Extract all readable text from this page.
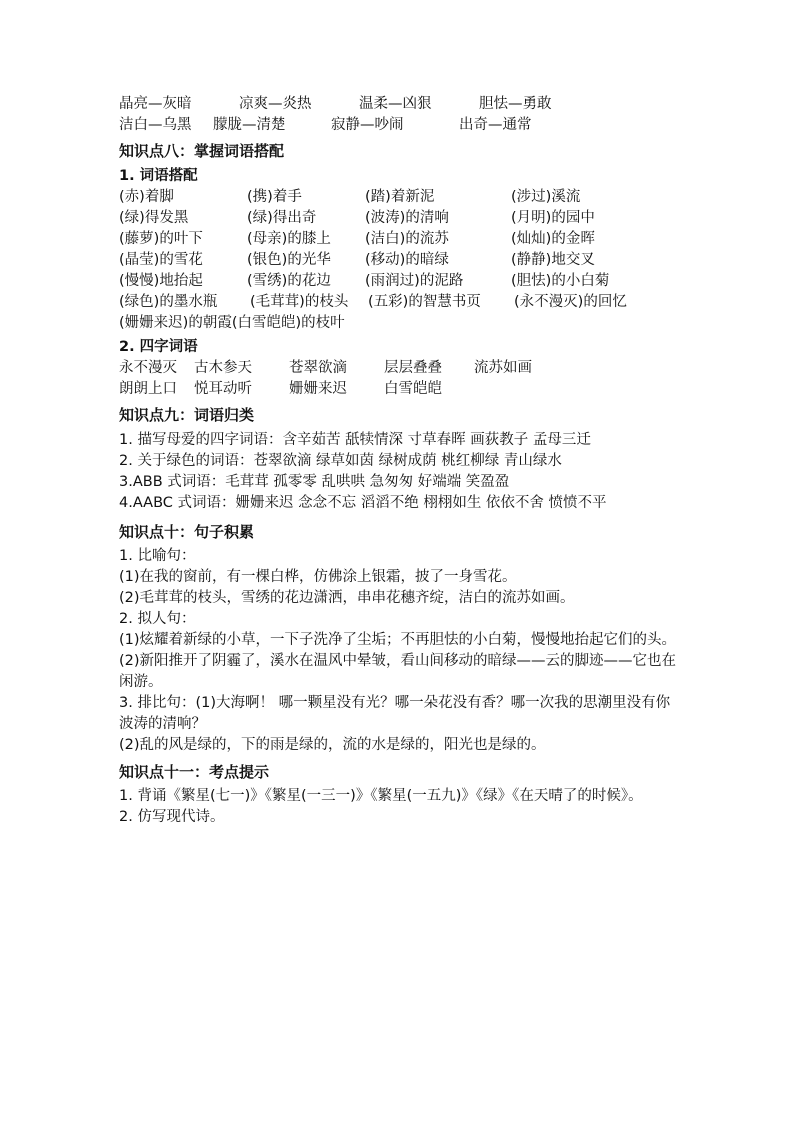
晶亮—灰暗	凉爽—炎热	温柔—凶狠	胆怯—勇敢
洁白—乌黑 朦胧—清楚	寂静—吵闹	出奇—通常
知识点八：掌握词语搭配
1. 词语搭配
(赤)着脚	(携)着手	(踏)着新泥	(涉过)溪流
(绿)得发黑	(绿)得出奇	(波涛)的清响	(月明)的园中
(藤萝)的叶下	(母亲)的膝上	(洁白)的流苏	(灿灿)的金晖
(晶莹)的雪花	(银色)的光华	(移动)的暗绿	(静静)地交叉
(慢慢)地抬起	(雪绣)的花边	(雨润过)的泥路	(胆怯)的小白菊
(绿色)的墨水瓶	(毛茸茸)的枝头	(五彩)的智慧书页	(永不漫灭)的回忆
(姗姗来迟)的朝霞(白雪皑皑)的枝叶
2. 四字词语
永不漫灭 古木参天	苍翠欲滴	层层叠叠 流苏如画
朗朗上口 悦耳动听	姗姗来迟	白雪皑皑
知识点九：词语归类
1. 描写母爱的四字词语：含辛茹苦 舐犊情深 寸草春晖 画荻教子 孟母三迁
2. 关于绿色的词语：苍翠欲滴 绿草如茵 绿树成荫 桃红柳绿 青山绿水
3.ABB 式词语：毛茸茸 孤零零 乱哄哄 急匆匆 好端端 笑盈盈
4.AABC 式词语：姗姗来迟 念念不忘 滔滔不绝 栩栩如生 依依不舍 愤愤不平
知识点十：句子积累
1. 比喻句：
(1)在我的窗前，有一棵白桦，仿佛涂上银霜，披了一身雪花。
(2)毛茸茸的枝头，雪绣的花边潇洒，串串花穗齐绽，洁白的流苏如画。
2. 拟人句：
(1)炫耀着新绿的小草，一下子洗净了尘垢；不再胆怯的小白菊，慢慢地抬起它们的头。
(2)新阳推开了阴霾了，溪水在温风中晕皱，看山间移动的暗绿——云的脚迹——它也在闲游。
3. 排比句：(1)大海啊！ 哪一颗星没有光？哪一朵花没有香？哪一次我的思潮里没有你波涛的清响？
(2)乱的风是绿的，下的雨是绿的，流的水是绿的，阳光也是绿的。
知识点十一：考点提示
1. 背诵《繁星(七一)》《繁星(一三一)》《繁星(一五九)》《绿》《在天晴了的时候》。
2. 仿写现代诗。
